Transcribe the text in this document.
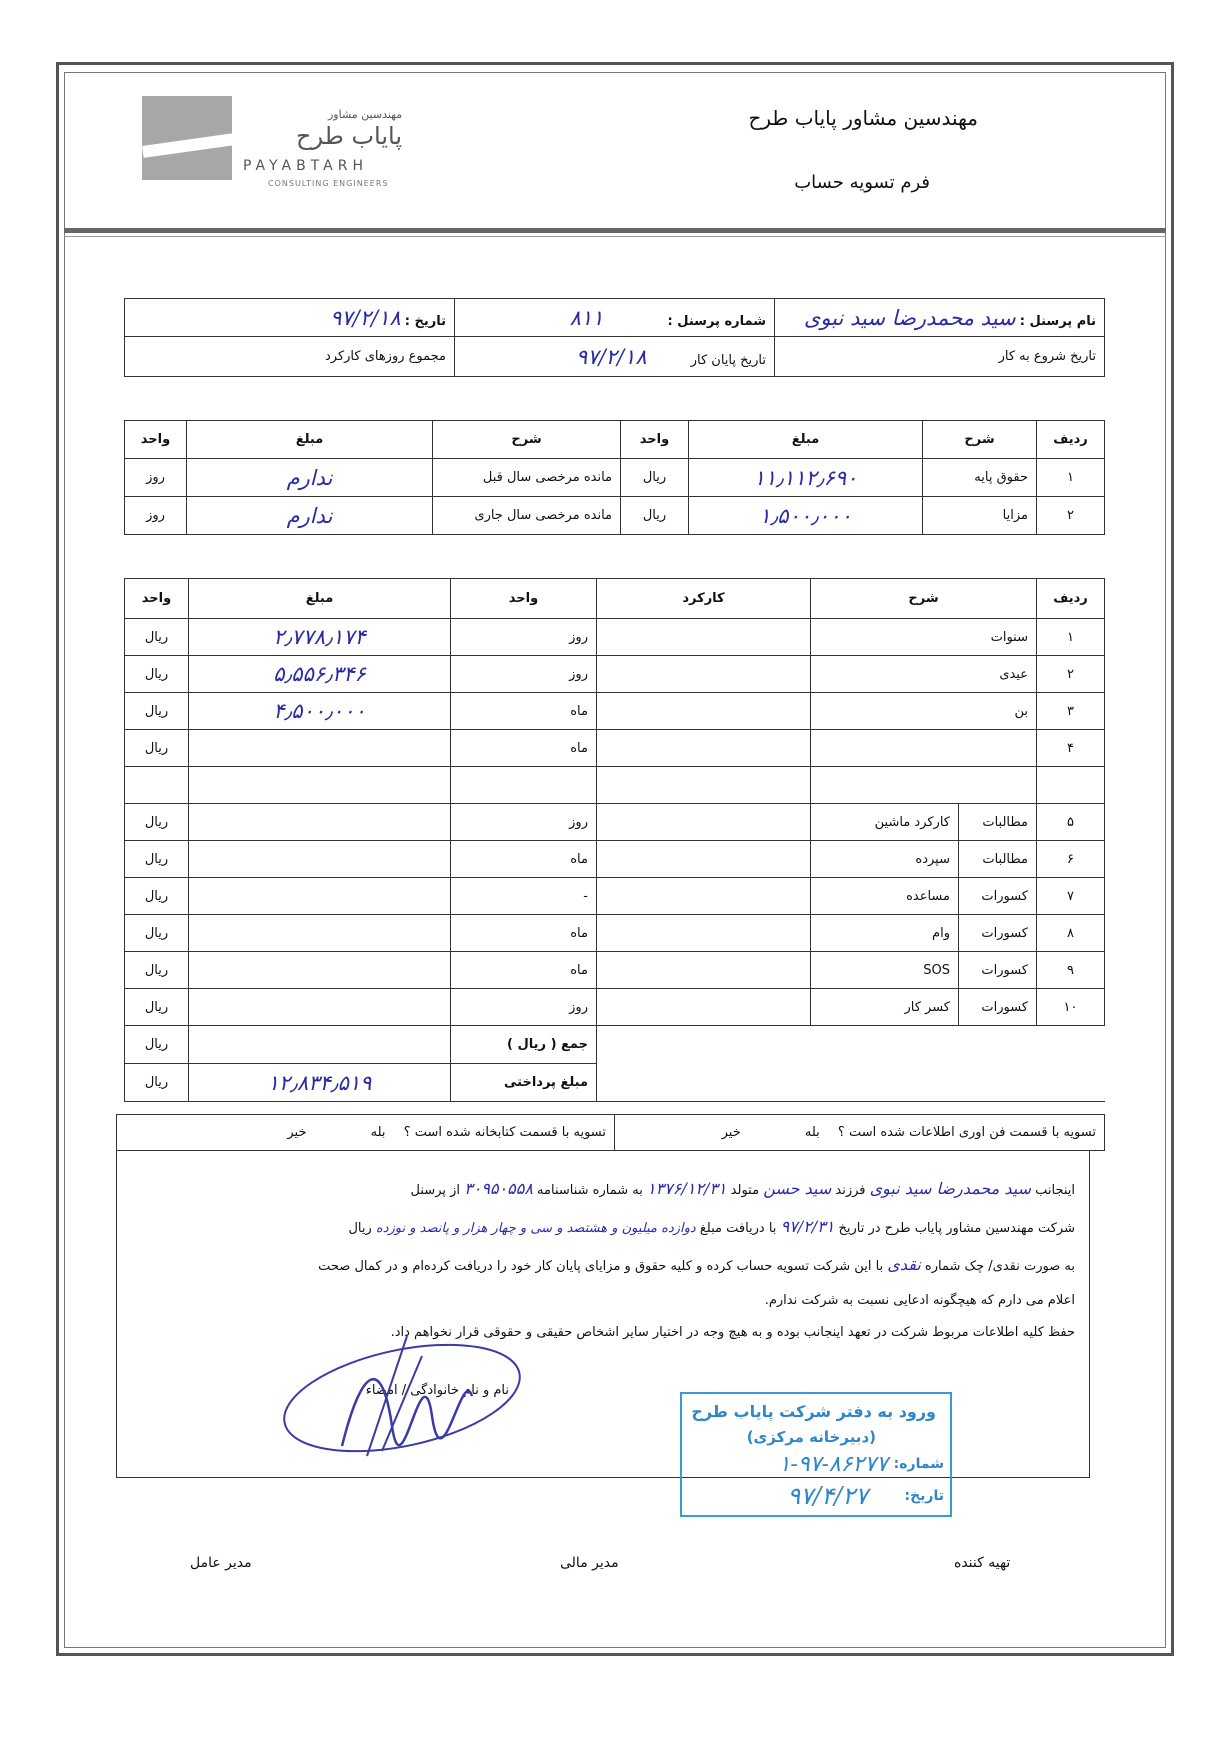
مهندسین مشاور
پایاب طرح
PAYABTARH
CONSULTING ENGINEERS
مهندسین مشاور پایاب طرح
فرم تسویه حساب
نام پرسنل : سید محمدرضا سید نبوی	شماره پرسنل : ۸۱۱	تاریخ : ۹۷/۲/۱۸
تاریخ شروع به کار	تاریخ پایان کار ۹۷/۲/۱۸	مجموع روزهای کارکرد
ردیف	شرح	مبلغ	واحد	شرح	مبلغ	واحد
۱	حقوق پایه	۱۱٫۱۱۲٫۶۹۰	ریال	مانده مرخصی سال قبل	ندارم	روز
۲	مزایا	۱٫۵۰۰٫۰۰۰	ریال	مانده مرخصی سال جاری	ندارم	روز
ردیف	شرح		کارکرد	واحد	مبلغ	واحد
۱	سنوات			روز	۲٫۷۷۸٫۱۷۴	ریال
۲	عیدی			روز	۵٫۵۵۶٫۳۴۶	ریال
۳	بن			ماه	۴٫۵۰۰٫۰۰۰	ریال
۴				ماه		ریال

۵	مطالبات	کارکرد ماشین		روز		ریال
۶	مطالبات	سپرده		ماه		ریال
۷	کسورات	مساعده		-		ریال
۸	کسورات	وام		ماه		ریال
۹	کسورات	SOS		ماه		ریال
۱۰	کسورات	کسر کار		روز		ریال
				جمع ( ریال )		ریال
				مبلغ پرداختی	۱۲٫۸۳۴٫۵۱۹	ریال
تسویه با قسمت فن اوری اطلاعات شده است ؟ بله خیر	تسویه با قسمت کتابخانه شده است ؟ بله خیر
اینجانب سید محمدرضا سید نبوی فرزند سید حسن متولد ۱۳۷۶/۱۲/۳۱ به شماره شناسنامه ۳۰۹۵۰۵۵۸ از پرسنل
شرکت مهندسین مشاور پایاب طرح در تاریخ ۹۷/۲/۳۱ با دریافت مبلغ دوازده میلیون و هشتصد و سی و چهار هزار و پانصد و نوزده ریال
به صورت نقدی/ چک شماره نقدی با این شرکت تسویه حساب کرده و کلیه حقوق و مزایای پایان کار خود را دریافت کرده‌ام و در کمال صحت
اعلام می دارم که هیچگونه ادعایی نسبت به شرکت ندارم.
حفظ کلیه اطلاعات مربوط شرکت در تعهد اینجانب بوده و به هیچ وجه در اختیار سایر اشخاص حقیقی و حقوقی قرار نخواهم داد.
نام و نام خانوادگی / امضاء
ورود به دفتر شرکت پایاب طرح
(دبیرخانه مرکزی)
شماره:
۱-۹۷-۸۶۲۷۷
تاریخ:
۹۷/۴/۲۷
تهیه کننده
مدیر مالی
مدیر عامل
